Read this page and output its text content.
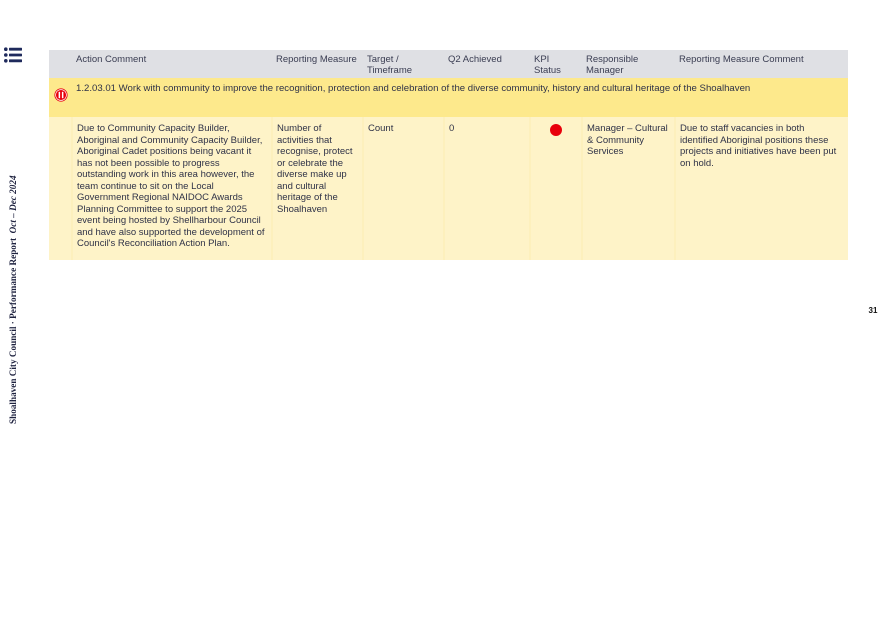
Shoalhaven City Council · Performance Report  Oct – Dec 2024
	Action Comment	Reporting Measure	Target / Timeframe	Q2 Achieved	KPI Status	Responsible Manager	Reporting Measure Comment

	1.2.03.01 Work with community to improve the recognition, protection and celebration of the diverse community, history and cultural heritage of the Shoalhaven						
	Due to Community Capacity Builder, Aboriginal and Community Capacity Builder, Aboriginal Cadet positions being vacant it has not been possible to progress outstanding work in this area however, the team continue to sit on the Local Government Regional NAIDOC Awards Planning Committee to support the 2025 event being hosted by Shellharbour Council and have also supported the development of Council's Reconciliation Action Plan.	Number of activities that recognise, protect or celebrate the diverse make up and cultural heritage of the Shoalhaven	Count	0		Manager – Cultural & Community Services	Due to staff vacancies in both identified Aboriginal positions these projects and initiatives have been put on hold.
31
